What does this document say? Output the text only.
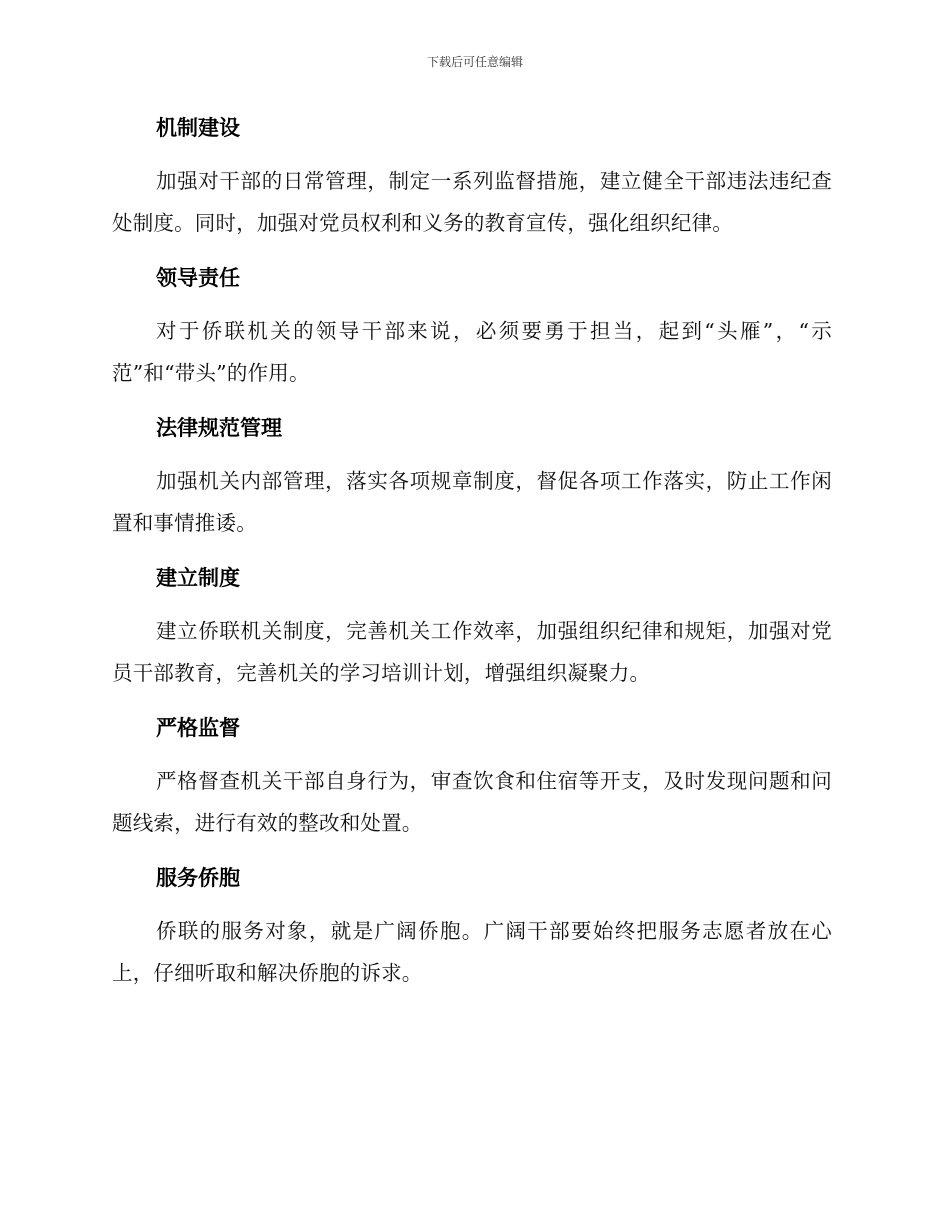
下载后可任意编辑
机制建设

加强对干部的日常管理，制定一系列监督措施，建立健全干部违法违纪查处制度。同时，加强对党员权利和义务的教育宣传，强化组织纪律。

领导责任

对于侨联机关的领导干部来说，必须要勇于担当，起到“头雁”，“示范”和“带头”的作用。

法律规范管理

加强机关内部管理，落实各项规章制度，督促各项工作落实，防止工作闲置和事情推诿。

建立制度

建立侨联机关制度，完善机关工作效率，加强组织纪律和规矩，加强对党员干部教育，完善机关的学习培训计划，增强组织凝聚力。

严格监督

严格督查机关干部自身行为，审查饮食和住宿等开支，及时发现问题和问题线索，进行有效的整改和处置。

服务侨胞

侨联的服务对象，就是广阔侨胞。广阔干部要始终把服务志愿者放在心上，仔细听取和解决侨胞的诉求。
